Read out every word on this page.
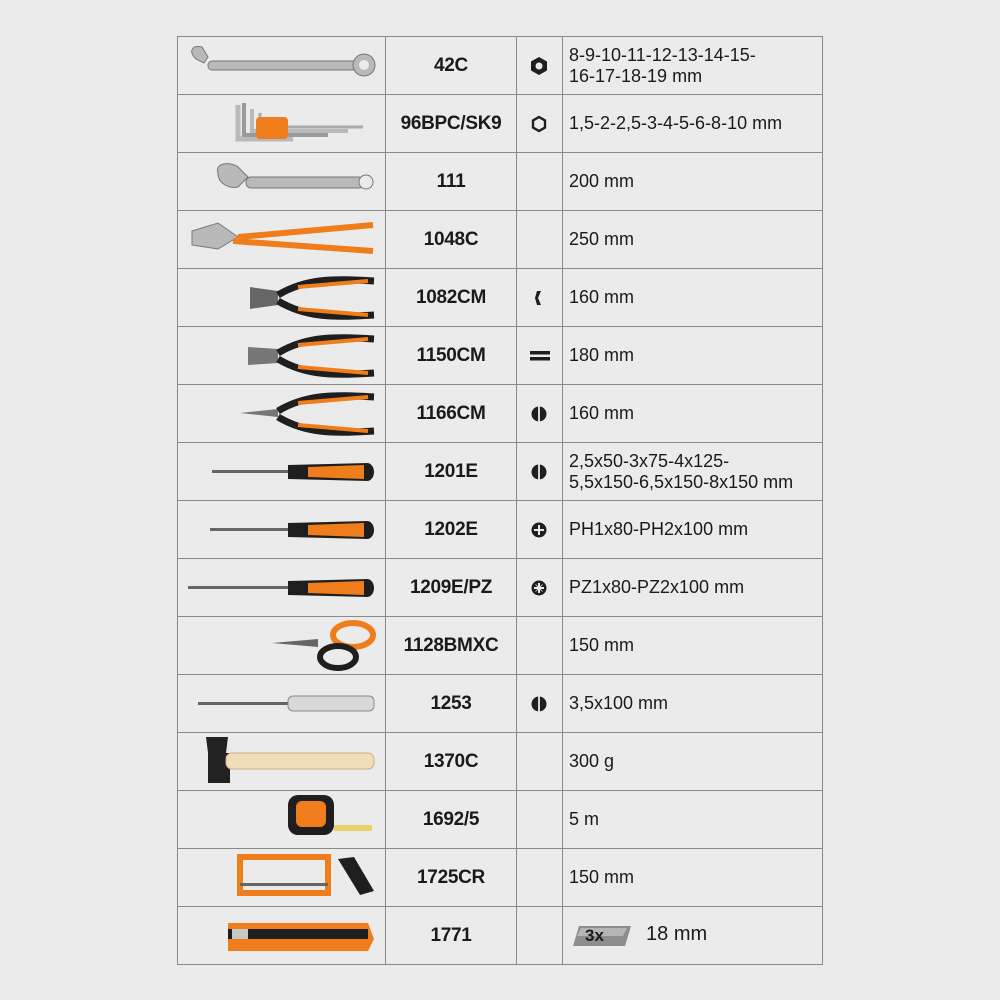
	42C		8-9-10-11-12-13-14-15-
16-17-18-19 mm

	96BPC/SK9		1,5-2-2,5-3-4-5-6-8-10 mm

	111		200 mm

	1048C		250 mm

	1082CM		160 mm

	1150CM		180 mm

	1166CM		160 mm

	1201E		2,5x50-3x75-4x125-
5,5x150-6,5x150-8x150 mm

	1202E		PH1x80-PH2x100 mm

	1209E/PZ		PZ1x80-PZ2x100 mm

	1128BMXC		150 mm

	1253		3,5x100 mm

	1370C		300 g

	1692/5		5 m

	1725CR		150 mm

	1771		3x 18 mm
